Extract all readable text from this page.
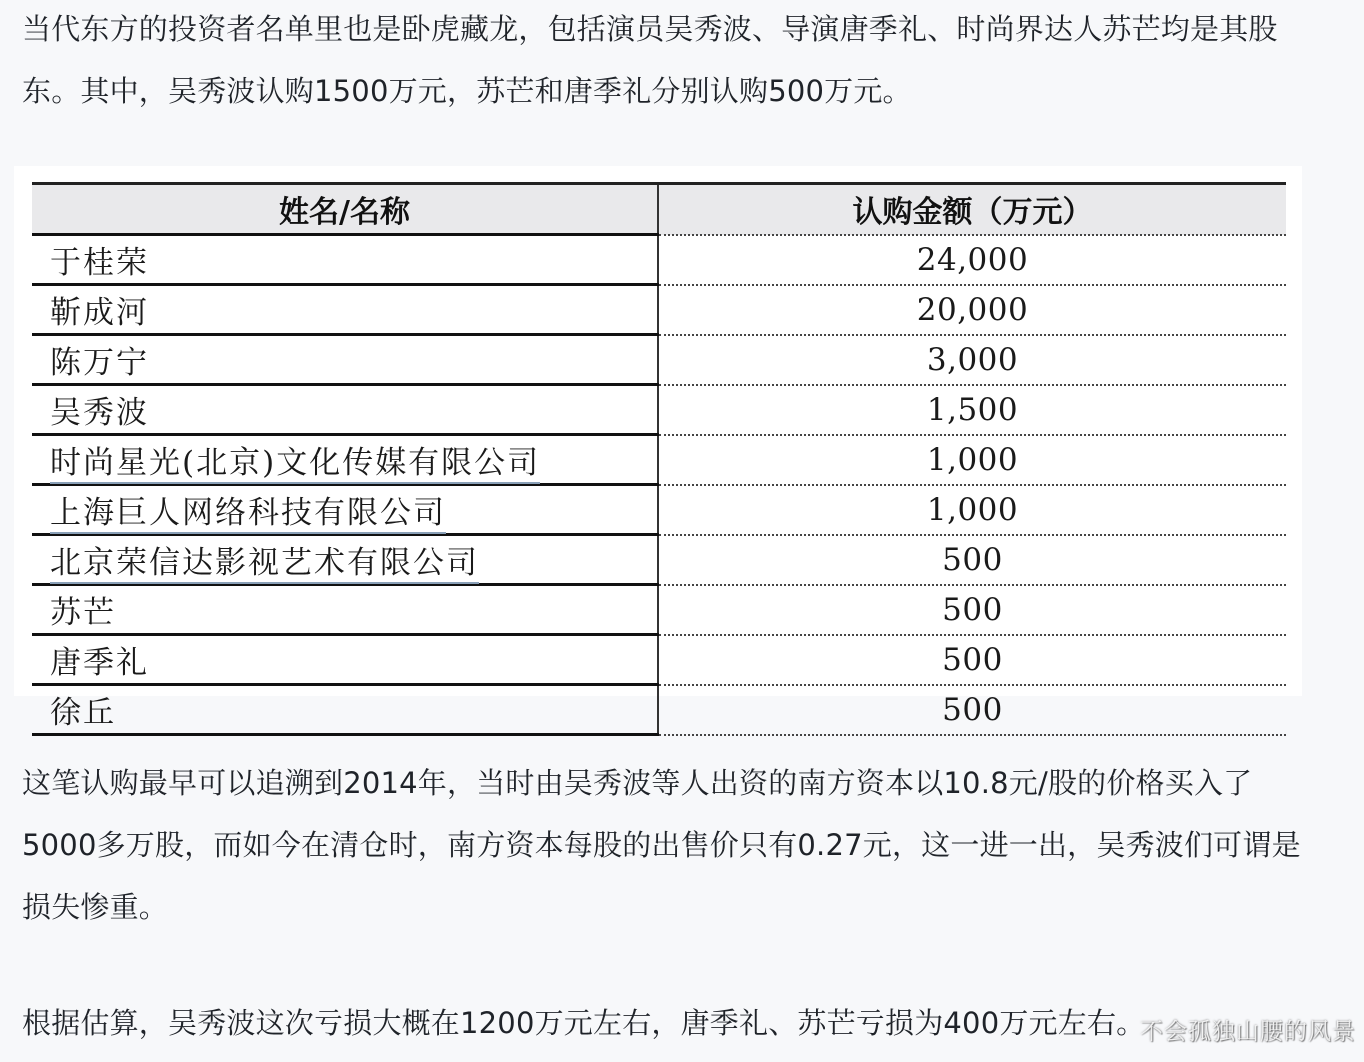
当代东方的投资者名单里也是卧虎藏龙，包括演员吴秀波、导演唐季礼、时尚界达人苏芒均是其股东。其中，吴秀波认购1500万元，苏芒和唐季礼分别认购500万元。

姓名/名称	认购金额（万元）
于桂荣	24,000
靳成河	20,000
陈万宁	3,000
吴秀波	1,500
时尚星光(北京)文化传媒有限公司	1,000
上海巨人网络科技有限公司	1,000
北京荣信达影视艺术有限公司	500
苏芒	500
唐季礼	500
徐丘	500

这笔认购最早可以追溯到2014年，当时由吴秀波等人出资的南方资本以10.8元/股的价格买入了5000多万股，而如今在清仓时，南方资本每股的出售价只有0.27元，这一进一出，吴秀波们可谓是损失惨重。

根据估算，吴秀波这次亏损大概在1200万元左右，唐季礼、苏芒亏损为400万元左右。

不会孤独山腰的风景
